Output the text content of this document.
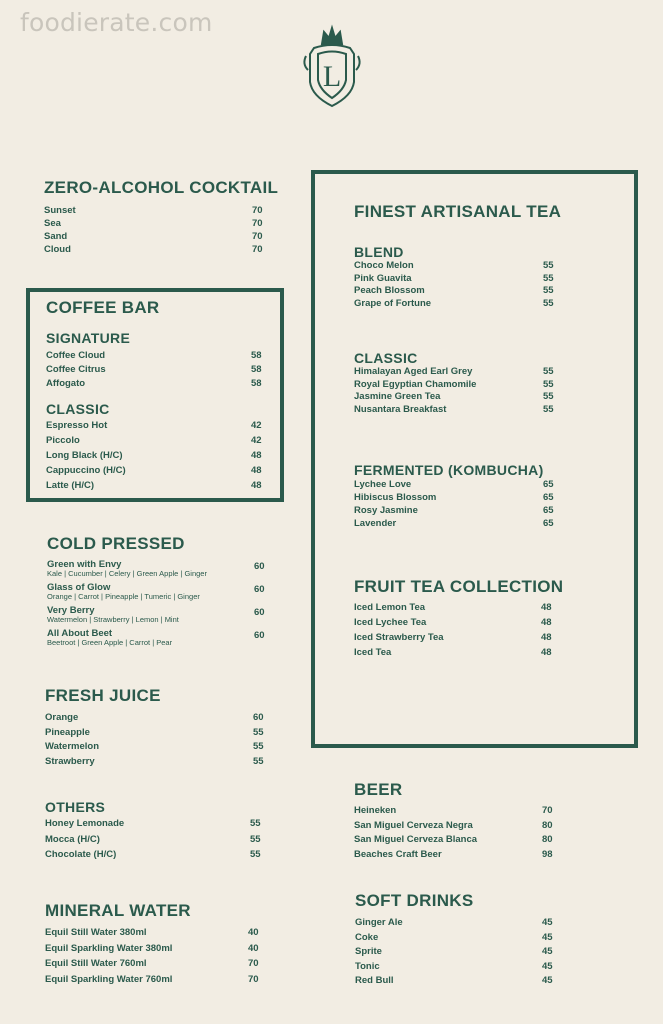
foodierate.com
L
ZERO-ALCOHOL COCKTAIL
Sunset	70
Sea	70
Sand	70
Cloud	70
COFFEE BAR
SIGNATURE
Coffee Cloud	58
Coffee Citrus	58
Affogato	58
CLASSIC
Espresso Hot	42
Piccolo	42
Long Black (H/C)	48
Cappuccino (H/C)	48
Latte (H/C)	48
COLD PRESSED
Green with Envy	60
Kale | Cucumber | Celery | Green Apple | Ginger
Glass of Glow	60
Orange | Carrot | Pineapple | Tumeric | Ginger
Very Berry	60
Watermelon | Strawberry | Lemon | Mint
All About Beet	60
Beetroot | Green Apple | Carrot | Pear
FRESH JUICE
Orange	60
Pineapple	55
Watermelon	55
Strawberry	55
OTHERS
Honey Lemonade	55
Mocca (H/C)	55
Chocolate (H/C)	55
MINERAL WATER
Equil Still Water 380ml	40
Equil Sparkling Water 380ml	40
Equil Still Water 760ml	70
Equil Sparkling Water 760ml	70
FINEST ARTISANAL TEA
BLEND
Choco Melon	55
Pink Guavita	55
Peach Blossom	55
Grape of Fortune	55
CLASSIC
Himalayan Aged Earl Grey	55
Royal Egyptian Chamomile	55
Jasmine Green Tea	55
Nusantara Breakfast	55
FERMENTED (KOMBUCHA)
Lychee Love	65
Hibiscus Blossom	65
Rosy Jasmine	65
Lavender	65
FRUIT TEA COLLECTION
Iced Lemon Tea	48
Iced Lychee Tea	48
Iced Strawberry Tea	48
Iced Tea	48
BEER
Heineken	70
San Miguel Cerveza Negra	80
San Miguel Cerveza Blanca	80
Beaches Craft Beer	98
SOFT DRINKS
Ginger Ale	45
Coke	45
Sprite	45
Tonic	45
Red Bull	45
